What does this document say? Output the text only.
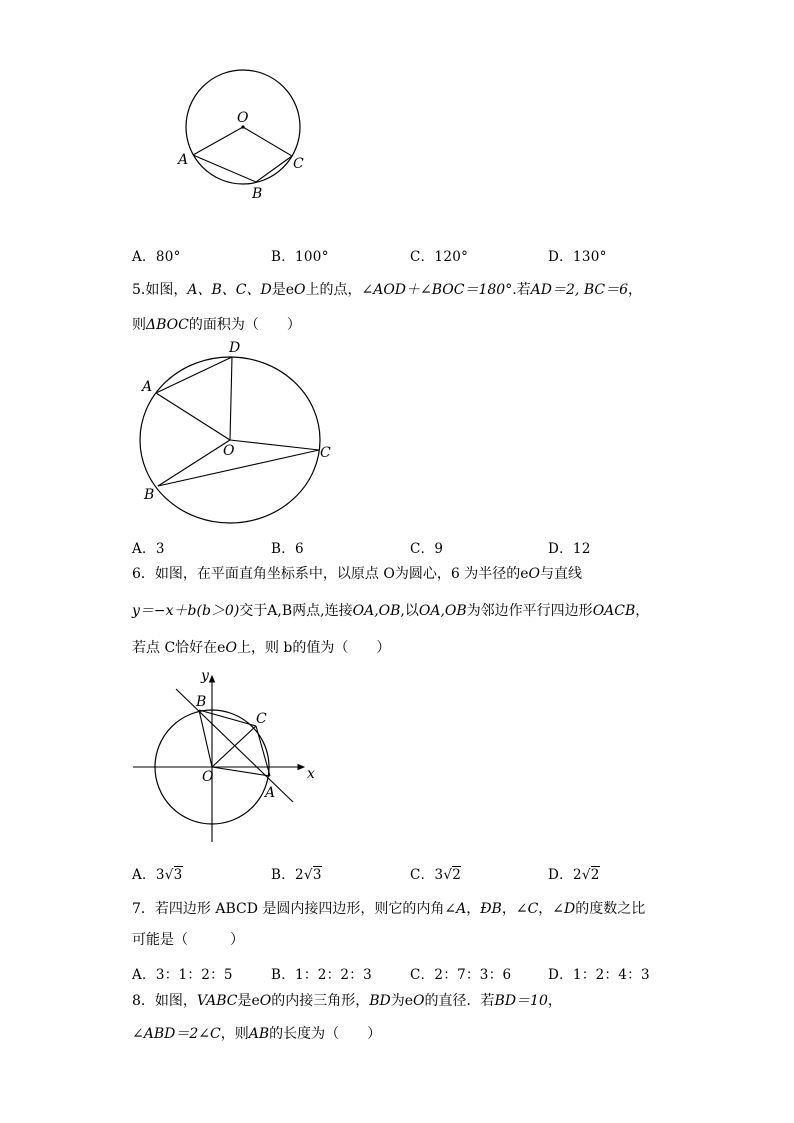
O
A
B
C
A．80°	B．100°	C．120°	D．130°
5.如图，A、B、C、D是eO上的点，∠AOD＋∠BOC＝180°.若AD＝2, BC＝6，
则ΔBOC的面积为（　　）
D
A
O	C
B
A．3	B．6	C．9	D．12
6．如图，在平面直角坐标系中，以原点 O为圆心，6 为半径的eO与直线
y＝−x＋b(b＞0)交于A,B两点,连接OA,OB,以OA,OB为邻边作平行四边形OACB，
若点 C恰好在eO上，则 b的值为（　　）
y
B
C
O	x
A
A．3√3	B．2√3	C．3√2	D．2√2
7．若四边形 ABCD 是圆内接四边形，则它的内角∠A，ÐB，∠C，∠D的度数之比
可能是（　　　）
A．3：1：2：5	B．1：2：2：3	C．2：7：3：6	D．1：2：4：3
8．如图，VABC是eO的内接三角形，BD为eO的直径．若BD＝10，
∠ABD＝2∠C，则AB的长度为（　　）
